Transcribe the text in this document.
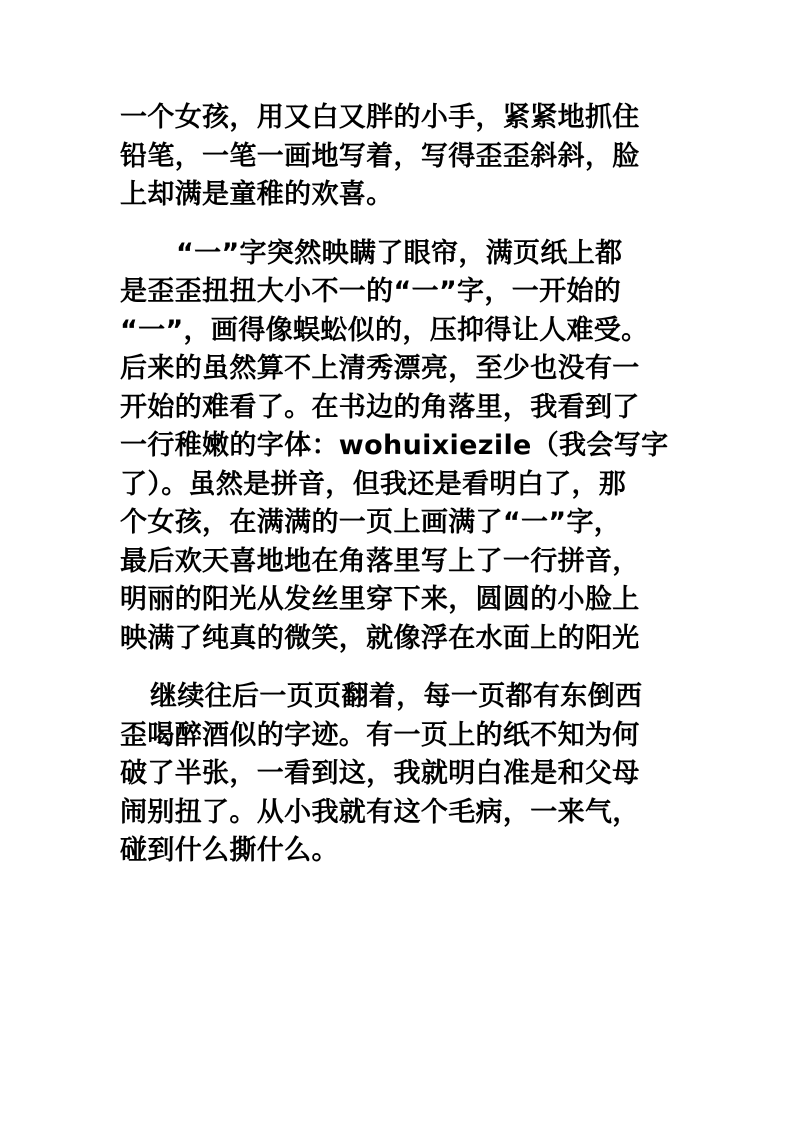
一个女孩，用又白又胖的小手，紧紧地抓住
铅笔，一笔一画地写着，写得歪歪斜斜，脸
上却满是童稚的欢喜。

“一”字突然映瞒了眼帘，满页纸上都
是歪歪扭扭大小不一的“一”字，一开始的
“一”，画得像蜈蚣似的，压抑得让人难受。
后来的虽然算不上清秀漂亮，至少也没有一
开始的难看了。在书边的角落里，我看到了
一行稚嫩的字体：wohuixiezile（我会写字
了）。虽然是拼音，但我还是看明白了，那
个女孩，在满满的一页上画满了“一”字，
最后欢天喜地地在角落里写上了一行拼音，
明丽的阳光从发丝里穿下来，圆圆的小脸上
映满了纯真的微笑，就像浮在水面上的阳光

继续往后一页页翻着，每一页都有东倒西
歪喝醉酒似的字迹。有一页上的纸不知为何
破了半张，一看到这，我就明白准是和父母
闹别扭了。从小我就有这个毛病，一来气，
碰到什么撕什么。
